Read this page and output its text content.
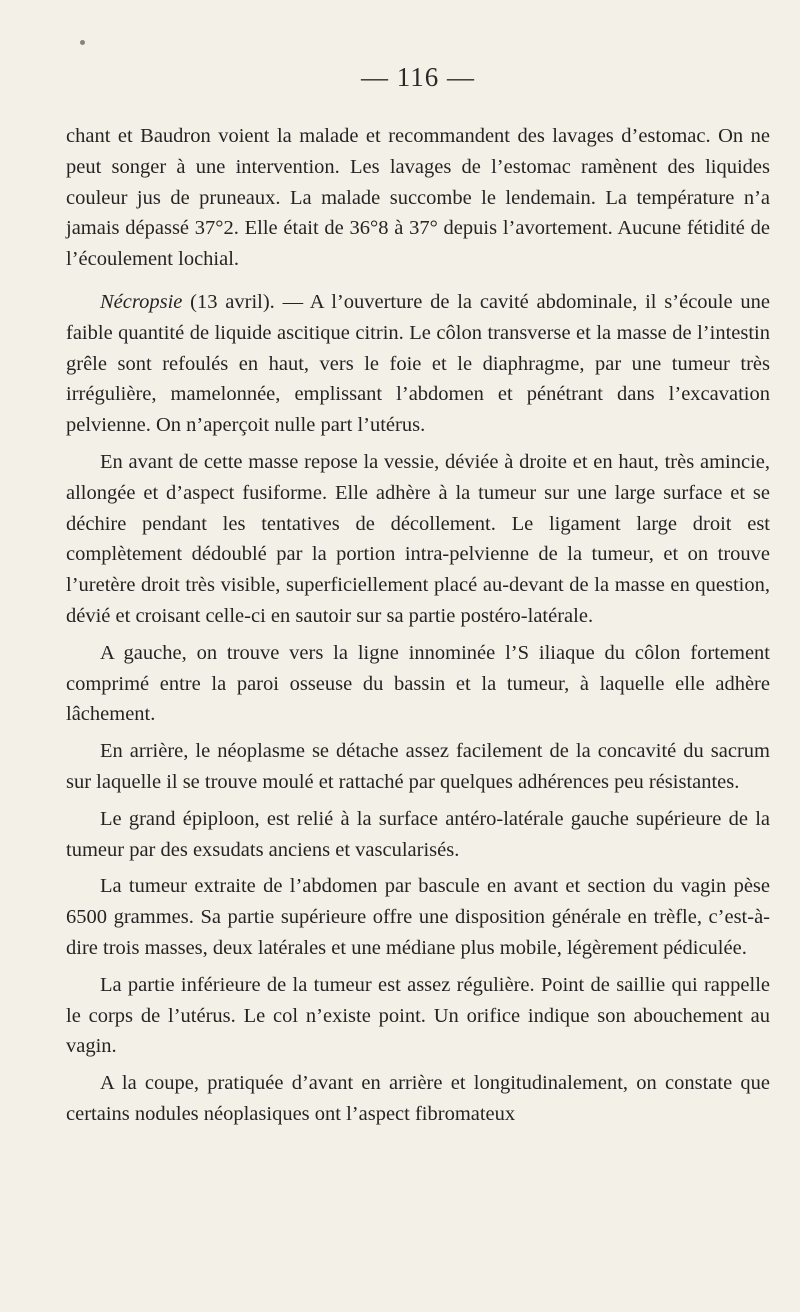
— 116 —

chant et Baudron voient la malade et recommandent des lavages d’estomac. On ne peut songer à une intervention. Les lavages de l’estomac ramènent des liquides couleur jus de pruneaux. La malade succombe le lendemain. La température n’a jamais dépassé 37°2. Elle était de 36°8 à 37° depuis l’avortement. Aucune fétidité de l’écoulement lochial.

Nécropsie (13 avril). — A l’ouverture de la cavité abdominale, il s’écoule une faible quantité de liquide ascitique citrin. Le côlon transverse et la masse de l’intestin grêle sont refoulés en haut, vers le foie et le diaphragme, par une tumeur très irrégulière, mamelonnée, emplissant l’abdomen et pénétrant dans l’excavation pelvienne. On n’aperçoit nulle part l’utérus.

En avant de cette masse repose la vessie, déviée à droite et en haut, très amincie, allongée et d’aspect fusiforme. Elle adhère à la tumeur sur une large surface et se déchire pendant les tentatives de décollement. Le ligament large droit est complètement dédoublé par la portion intra-pelvienne de la tumeur, et on trouve l’uretère droit très visible, superficiellement placé au-devant de la masse en question, dévié et croisant celle-ci en sautoir sur sa partie postéro-latérale.

A gauche, on trouve vers la ligne innominée l’S iliaque du côlon fortement comprimé entre la paroi osseuse du bassin et la tumeur, à laquelle elle adhère lâchement.

En arrière, le néoplasme se détache assez facilement de la concavité du sacrum sur laquelle il se trouve moulé et rattaché par quelques adhérences peu résistantes.

Le grand épiploon, est relié à la surface antéro-latérale gauche supérieure de la tumeur par des exsudats anciens et vascularisés.

La tumeur extraite de l’abdomen par bascule en avant et section du vagin pèse 6500 grammes. Sa partie supérieure offre une disposition générale en trèfle, c’est-à-dire trois masses, deux latérales et une médiane plus mobile, légèrement pédiculée.

La partie inférieure de la tumeur est assez régulière. Point de saillie qui rappelle le corps de l’utérus. Le col n’existe point. Un orifice indique son abouchement au vagin.

A la coupe, pratiquée d’avant en arrière et longitudinalement, on constate que certains nodules néoplasiques ont l’aspect fibromateux
